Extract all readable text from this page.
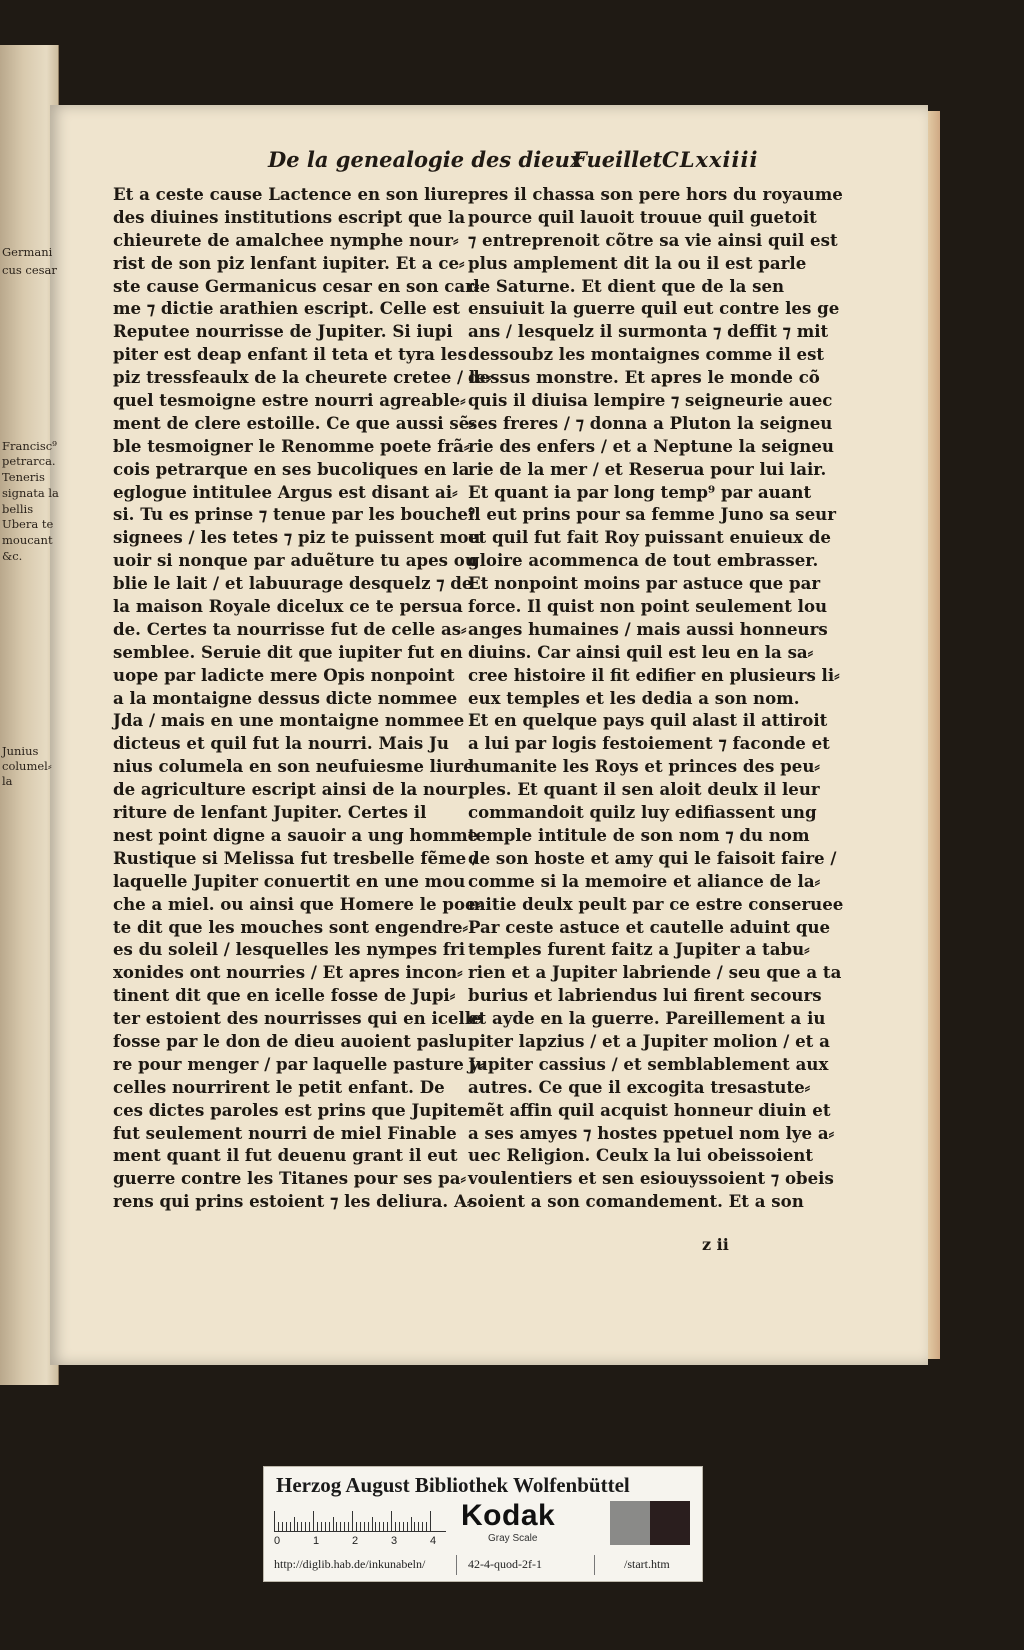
De la genealogie des dieux
Fueillet CLxxiiii
Et a ceste cause Lactence en son liure
des diuines institutions escript que la
chieurete de amalchee nymphe nour⸗
rist de son piz lenfant iupiter. Et a ce⸗
ste cause Germanicus cesar en son car⸗
me ⁊ dictie arathien escript. Celle est
Reputee nourrisse de Jupiter. Si iupi
piter est deap enfant il teta et tyra les
piz tressfeaulx de la cheurete cretee / le⸗
quel tesmoigne estre nourri agreable⸗
ment de clere estoille. Ce que aussi sẽ⸗
ble tesmoigner le Renomme poete frã⸗
cois petrarque en ses bucoliques en la
eglogue intitulee Argus est disant ai⸗
si. Tu es prinse ⁊ tenue par les bouche⁹
signees / les tetes ⁊ piz te puissent mou
uoir si nonque par aduẽture tu apes ou
blie le lait / et labuurage desquelz ⁊ de
la maison Royale dicelux ce te persua
de. Certes ta nourrisse fut de celle as⸗
semblee. Seruie dit que iupiter fut en
uope par ladicte mere Opis nonpoint
a la montaigne dessus dicte nommee
Jda / mais en une montaigne nommee
dicteus et quil fut la nourri. Mais Ju
nius columela en son neufuiesme liure
de agriculture escript ainsi de la nour
riture de lenfant Jupiter. Certes il
nest point digne a sauoir a ung homme
Rustique si Melissa fut tresbelle fẽme /
laquelle Jupiter conuertit en une mou
che a miel. ou ainsi que Homere le poe⸗
te dit que les mouches sont engendre⸗
es du soleil / lesquelles les nympes fri
xonides ont nourries / Et apres incon⸗
tinent dit que en icelle fosse de Jupi⸗
ter estoient des nourrisses qui en icelle
fosse par le don de dieu auoient paslu
re pour menger / par laquelle pasture y⸗
celles nourrirent le petit enfant. De
ces dictes paroles est prins que Jupiter
fut seulement nourri de miel Finable
ment quant il fut deuenu grant il eut
guerre contre les Titanes pour ses pa⸗
rens qui prins estoient ⁊ les deliura. A⸗
pres il chassa son pere hors du royaume
pource quil lauoit trouue quil guetoit
⁊ entreprenoit cõtre sa vie ainsi quil est
plus amplement dit la ou il est parle
de Saturne. Et dient que de la sen
ensuiuit la guerre quil eut contre les ge
ans / lesquelz il surmonta ⁊ deffit ⁊ mit
dessoubz les montaignes comme il est
dessus monstre. Et apres le monde cõ
quis il diuisa lempire ⁊ seigneurie auec
ses freres / ⁊ donna a Pluton la seigneu
rie des enfers / et a Neptune la seigneu
rie de la mer / et Reserua pour lui lair.
Et quant ia par long temp⁹ par auant
il eut prins pour sa femme Juno sa seur
et quil fut fait Roy puissant enuieux de
gloire acommenca de tout embrasser.
Et nonpoint moins par astuce que par
force. Il quist non point seulement lou
anges humaines / mais aussi honneurs
diuins. Car ainsi quil est leu en la sa⸗
cree histoire il fit edifier en plusieurs li⸗
eux temples et les dedia a son nom.
Et en quelque pays quil alast il attiroit
a lui par logis festoiement ⁊ faconde et
humanite les Roys et princes des peu⸗
ples. Et quant il sen aloit deulx il leur
commandoit quilz luy edifiassent ung
temple intitule de son nom ⁊ du nom
de son hoste et amy qui le faisoit faire /
comme si la memoire et aliance de la⸗
mitie deulx peult par ce estre conseruee
Par ceste astuce et cautelle aduint que
temples furent faitz a Jupiter a tabu⸗
rien et a Jupiter labriende / seu que a ta
burius et labriendus lui firent secours
et ayde en la guerre. Pareillement a iu
piter lapzius / et a Jupiter molion / et a
Jupiter cassius / et semblablement aux
autres. Ce que il excogita tresastute⸗
mẽt affin quil acquist honneur diuin et
a ses amyes ⁊ hostes ppetuel nom lye a⸗
uec Religion. Ceulx la lui obeissoient
voulentiers et sen esiouyssoient ⁊ obeis
soient a son comandement. Et a son
z ii
Germani
cus cesar
Francisc⁹
petrarca.
Teneris
signata la
bellis
Ubera te
moucant
&c.
Junius
columel⸗
la
Herzog August Bibliothek Wolfenbüttel
0	1	2	3	4
Kodak
Gray Scale
http://diglib.hab.de/inkunabeln/	42-4-quod-2f-1	/start.htm
